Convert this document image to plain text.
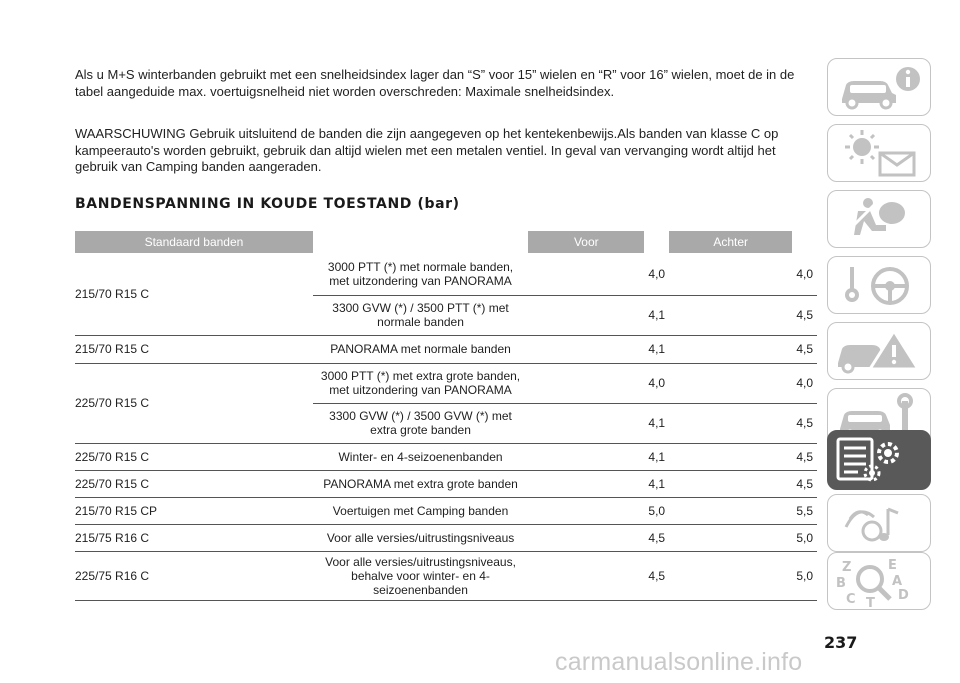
Als u M+S winterbanden gebruikt met een snelheidsindex lager dan “S” voor 15” wielen en “R” voor 16” wielen, moet de in de tabel aangeduide max. voertuigsnelheid niet worden overschreden: Maximale snelheidsindex.
WAARSCHUWING Gebruik uitsluitend de banden die zijn aangegeven op het kentekenbewijs.Als banden van klasse C op kampeerauto's worden gebruikt, gebruik dan altijd wielen met een metalen ventiel. In geval van vervanging wordt altijd het gebruik van Camping banden aangeraden.
BANDENSPANNING IN KOUDE TOESTAND (bar)
Standaard banden		Voor		Achter	
215/70 R15 C	3000 PTT (*) met normale banden, met uitzondering van PANORAMA		4,0		4,0
	3300 GVW (*) / 3500 PTT (*) met normale banden		4,1		4,5
215/70 R15 C	PANORAMA met normale banden		4,1		4,5
225/70 R15 C	3000 PTT (*) met extra grote banden, met uitzondering van PANORAMA		4,0		4,0
	3300 GVW (*) / 3500 GVW (*) met extra grote banden		4,1		4,5
225/70 R15 C	Winter- en 4-seizoenenbanden		4,1		4,5
225/70 R15 C	PANORAMA met extra grote banden		4,1		4,5
215/70 R15 CP	Voertuigen met Camping banden		5,0		5,5
215/75 R16 C	Voor alle versies/uitrustingsniveaus		4,5		5,0
225/75 R16 C	Voor alle versies/uitrustingsniveaus, behalve voor winter- en 4-seizoenenbanden		4,5		5,0
Z	E
B	A
C T
D
237
carmanualsonline.info
